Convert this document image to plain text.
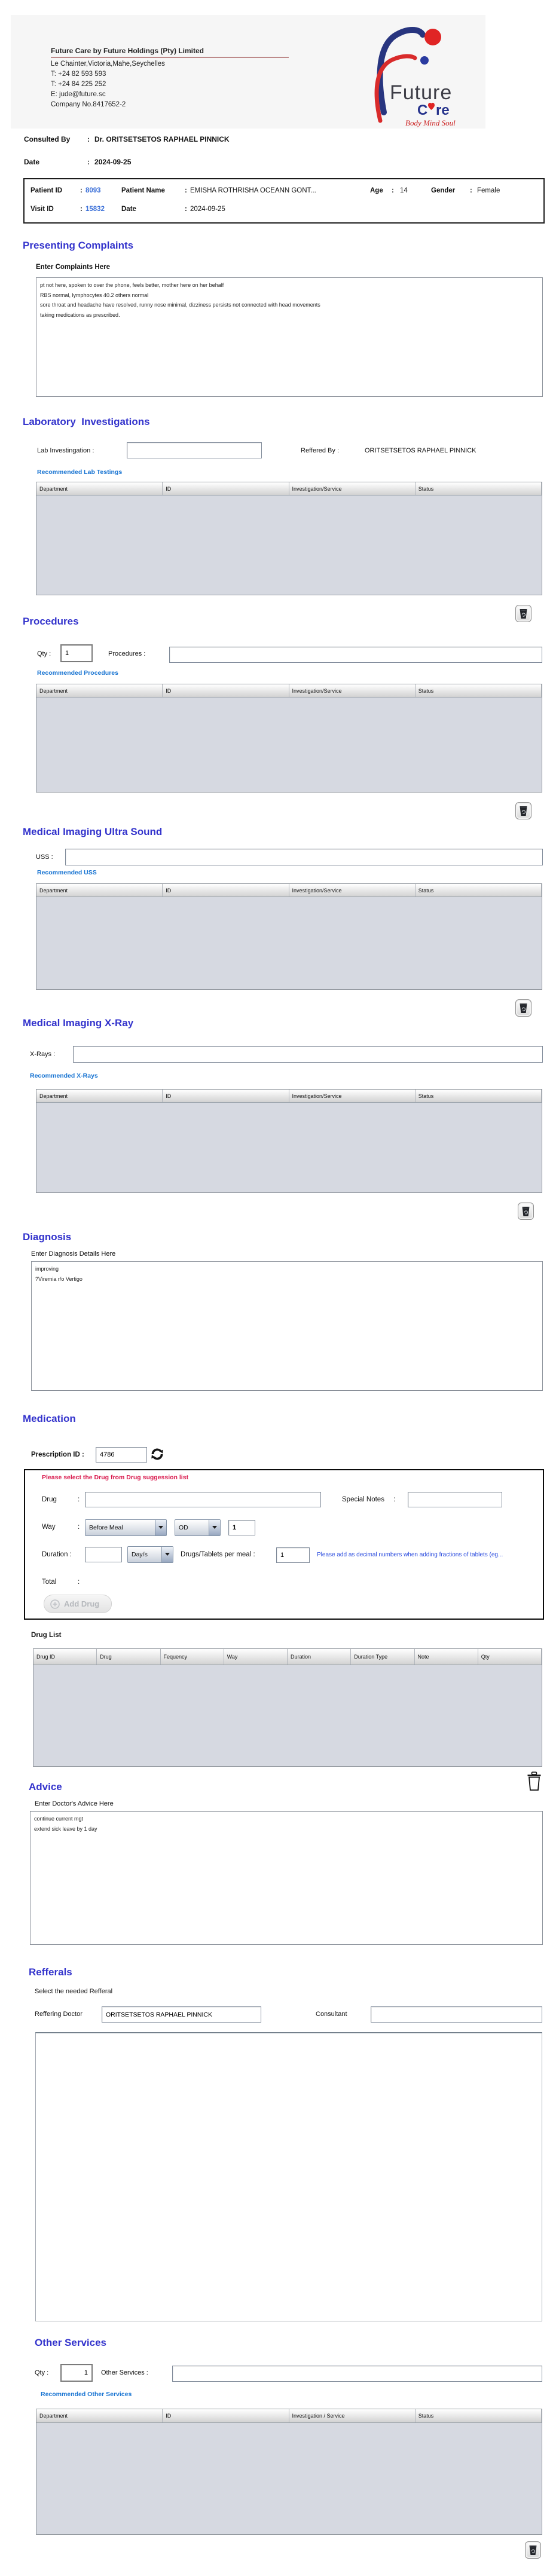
Future Care by Future Holdings (Pty) Limited
Le Chainter,Victoria,Mahe,Seychelles
T: +24 82 593 593
T: +24 84 225 252
E: jude@future.sc
Company No.8417652-2
Future
C re
Body Mind Soul
Consulted By	: Dr. ORITSETSETOS RAPHAEL PINNICK
Date	: 2024-09-25
Patient ID	: 8093	Patient Name	: EMISHA ROTHRISHA OCEANN GONT...	Age : 14	Gender : Female
Visit ID	: 15832 Date	: 2024-09-25
Presenting Complaints
Enter Complaints Here
pt not here, spoken to over the phone, feels better, mother here on her behalf RBS normal, lymphocytes 40.2 others normal sore throat and headache have resolved, runny nose minimal, dizziness persists not connected with head movements taking medications as prescribed.
Laboratory  Investigations
Lab Investingation :	Reffered By :	ORITSETSETOS RAPHAEL PINNICK
Recommended Lab Testings
Department	ID	Investigation/Service	Status
Procedures
Qty :
1	Procedures :
Recommended Procedures
Department	ID	Investigation/Service	Status
Medical Imaging Ultra Sound
USS :
Recommended USS
Department	ID	Investigation/Service	Status
Medical Imaging X-Ray
X-Rays :
Recommended X-Rays
Department	ID	Investigation/Service	Status
Diagnosis
Enter Diagnosis Details Here
improving ?Viremia r/o Vertigo
Medication
Prescription ID :
4786
Please select the Drug from Drug suggession list
Drug	:	Special Notes :
Way	:	Before Meal	OD
1
Duration :	Day/s	Drugs/Tablets per meal :
1	Please add as decimal numbers when adding fractions of tablets (eg...
Total	:
Add Drug
Drug List
Drug ID	Drug	Fequency	Way	Duration	Duration Type	Note	Qty
Advice
Enter Doctor's Advice Here
continue current mgt extend sick leave by 1 day
Refferals
Select the needed Refferal
Reffering Doctor
ORITSETSETOS RAPHAEL PINNICK	Consultant
Other Services
Qty :
1	Other Services :
Recommended Other Services
Department	ID	Investigation / Service	Status
